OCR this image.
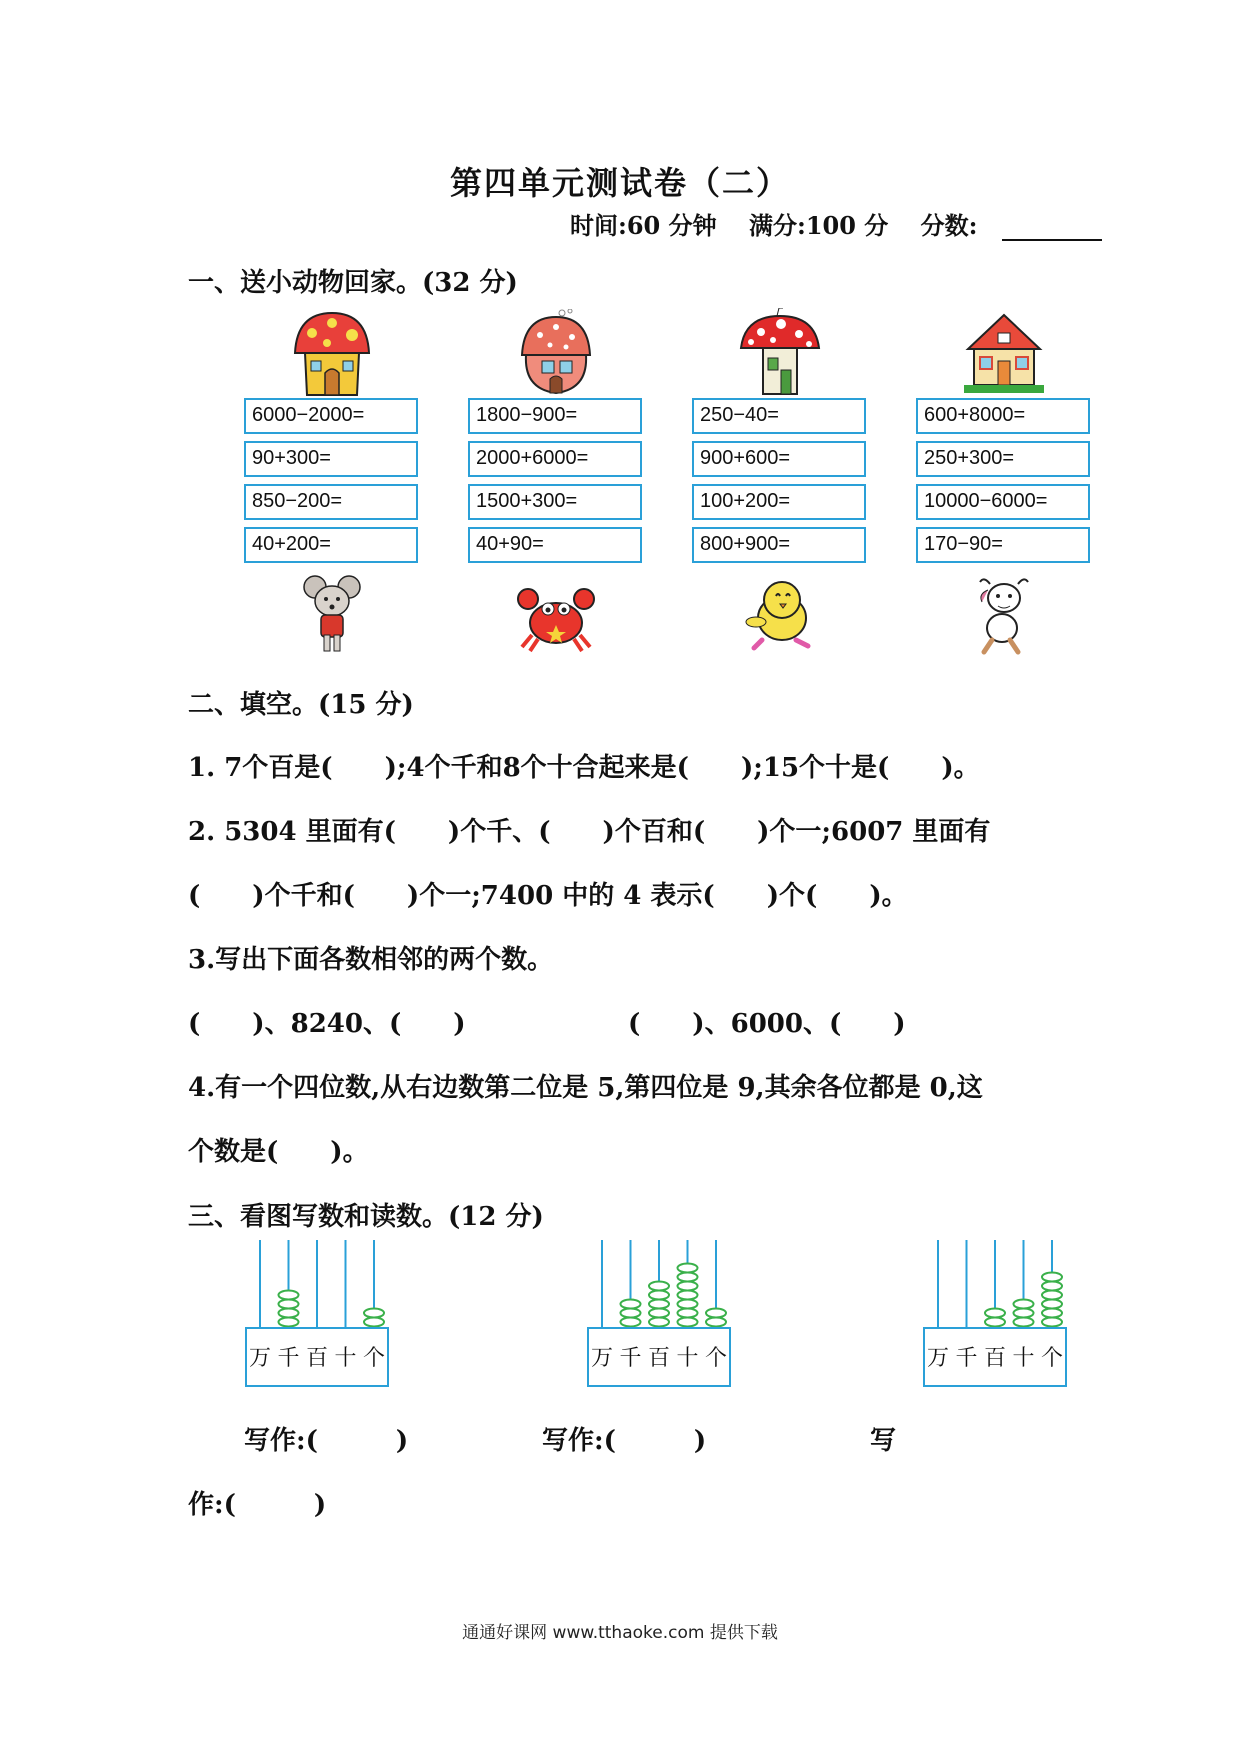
第四单元测试卷（二）
时间:60 分钟 满分:100 分 分数:
一、送小动物回家。(32 分)
6000−2000=
90+300=
850−200=
40+200=
1800−900=
2000+6000=
1500+300=
40+90=
250−40=
900+600=
100+200=
800+900=
600+8000=
250+300=
10000−6000=
170−90=
二、填空。(15 分)
1. 7个百是(　　);4个千和8个十合起来是(　　);15个十是(　　)。
2. 5304 里面有(　　)个千、(　　)个百和(　　)个一;6007 里面有
(　　)个千和(　　)个一;7400 中的 4 表示(　　)个(　　)。
3.写出下面各数相邻的两个数。
(　　)、8240、(　　)	(　　)、6000、(　　)
4.有一个四位数,从右边数第二位是 5,第四位是 9,其余各位都是 0,这
个数是(　　)。
三、看图写数和读数。(12 分)
万 千 百 十 个	万 千 百 十 个	万 千 百 十 个
写作:(　　　)	写作:(　　　)	写
作:(　　　)
通通好课网 www.tthaoke.com 提供下载
